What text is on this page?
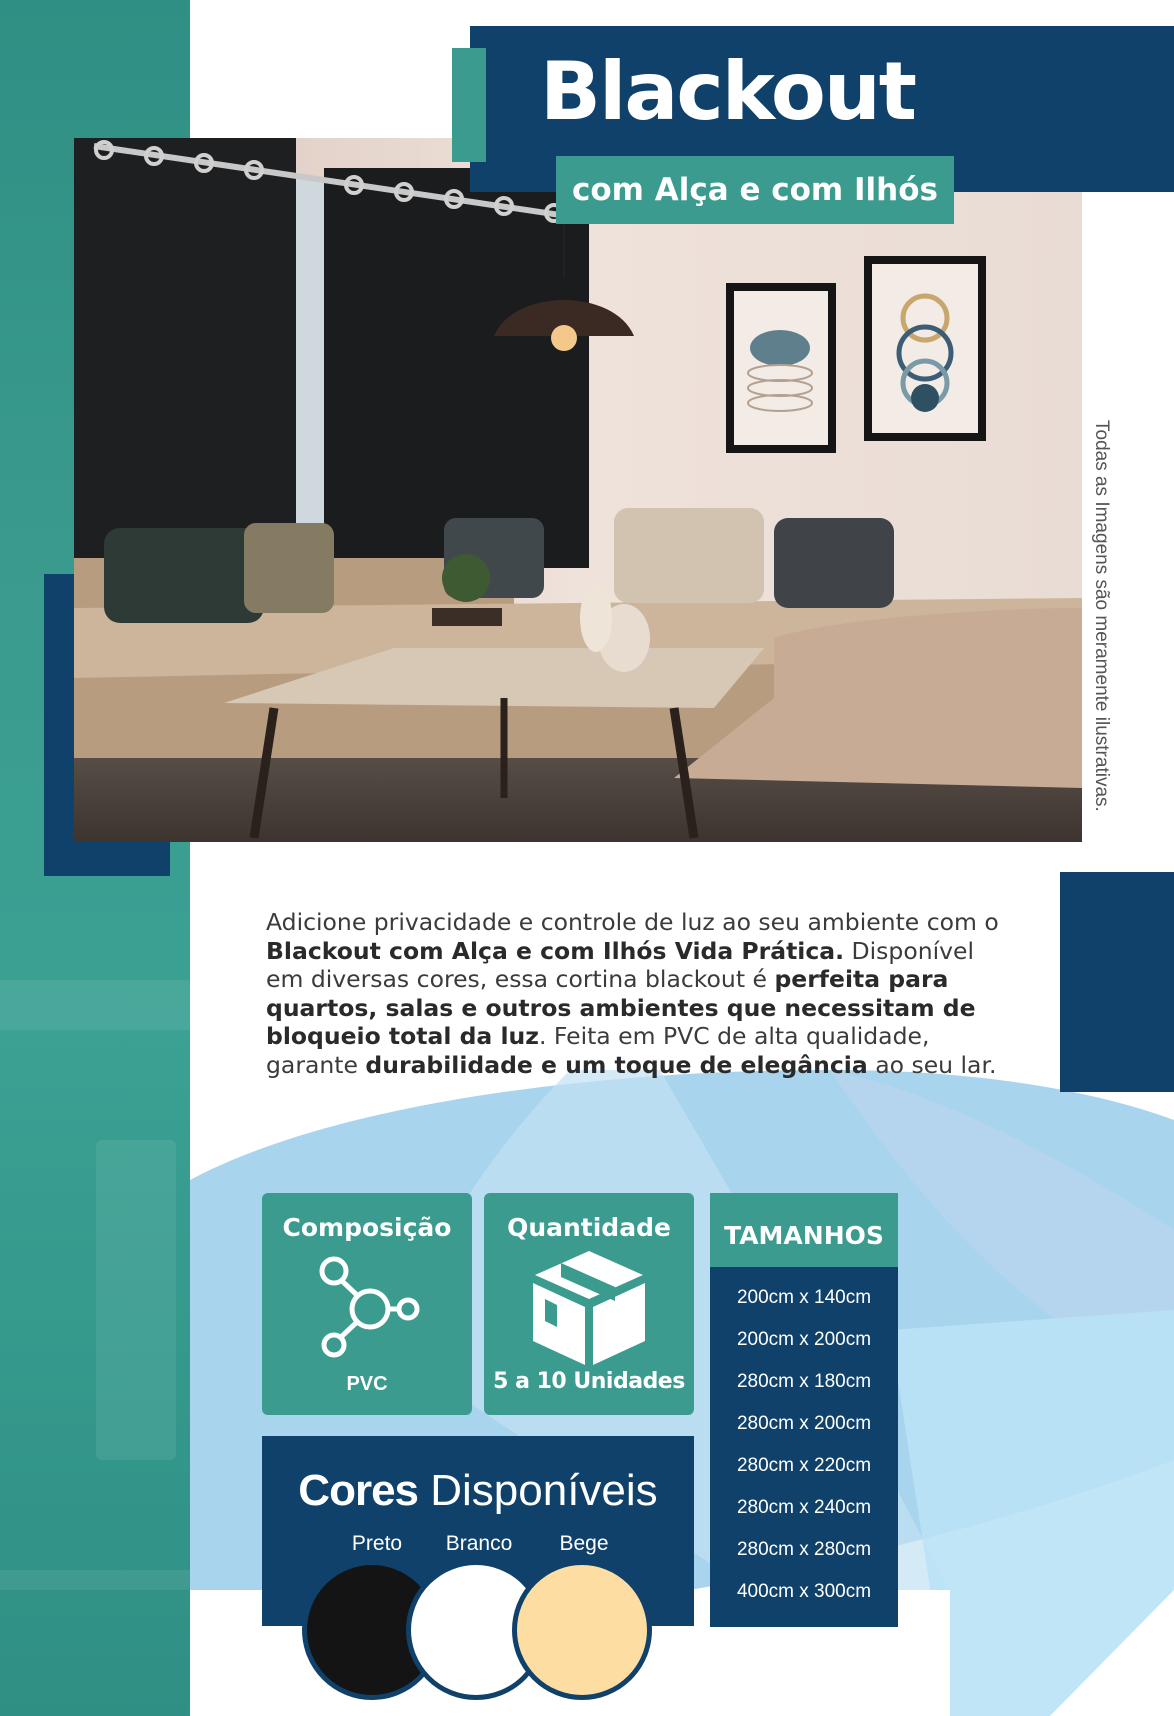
Blackout
com Alça e com Ilhós
Todas as Imagens são meramente ilustrativas.
Adicione privacidade e controle de luz ao seu ambiente com o Blackout com Alça e com Ilhós Vida Prática. Disponível em diversas cores, essa cortina blackout é perfeita para quartos, salas e outros ambientes que necessitam de bloqueio total da luz. Feita em PVC de alta qualidade, garante durabilidade e um toque de elegância ao seu lar.
Composição
PVC
Quantidade
5 a 10 Unidades
TAMANHOS
200cm x 140cm
200cm x 200cm
280cm x 180cm
280cm x 200cm
280cm x 220cm
280cm x 240cm
280cm x 280cm
400cm x 300cm
Cores Disponíveis
Preto	Branco	Bege
